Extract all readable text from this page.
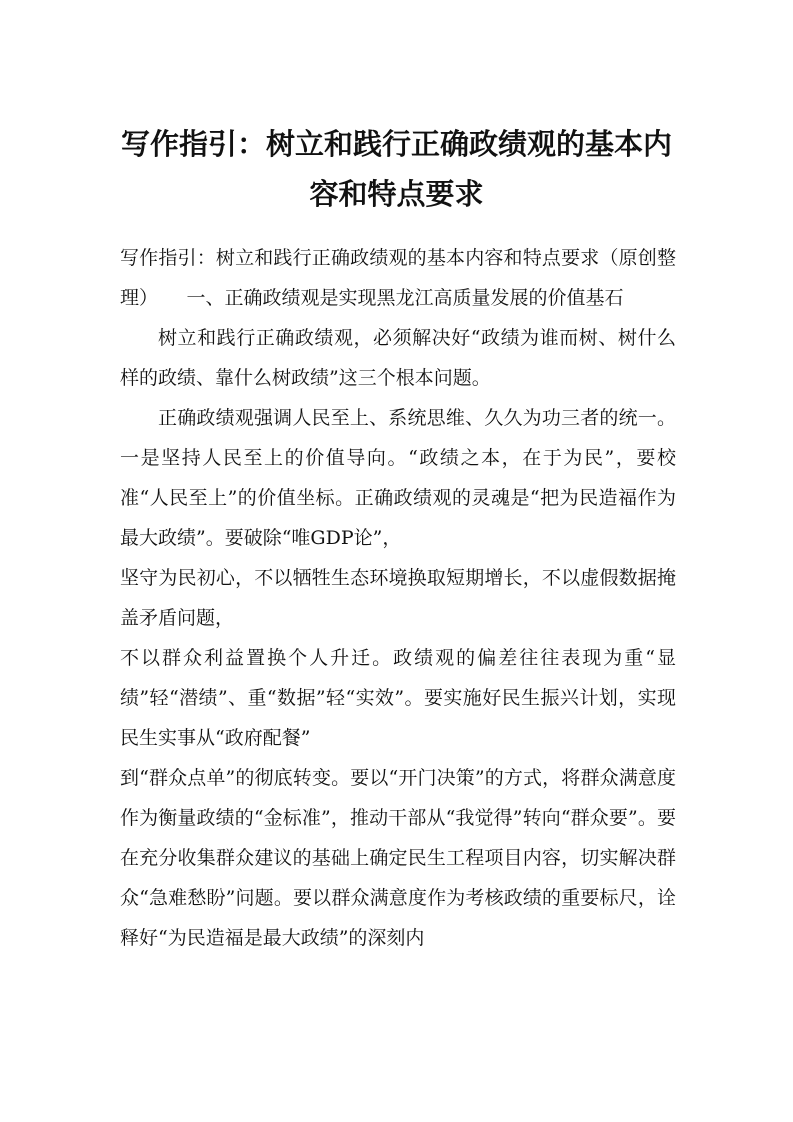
写作指引：树立和践行正确政绩观的基本内
容和特点要求

写作指引：树立和践行正确政绩观的基本内容和特点要求（原创整理）　　一、正确政绩观是实现黑龙江高质量发展的价值基石

树立和践行正确政绩观，必须解决好“政绩为谁而树、树什么样的政绩、靠什么树政绩”这三个根本问题。

正确政绩观强调人民至上、系统思维、久久为功三者的统一。一是坚持人民至上的价值导向。“政绩之本，在于为民”，要校准“人民至上”的价值坐标。正确政绩观的灵魂是“把为民造福作为最大政绩”。要破除“唯GDP论”，

坚守为民初心，不以牺牲生态环境换取短期增长，不以虚假数据掩盖矛盾问题，

不以群众利益置换个人升迁。政绩观的偏差往往表现为重“显绩”轻“潜绩”、重“数据”轻“实效”。要实施好民生振兴计划，实现民生实事从“政府配餐”

到“群众点单”的彻底转变。要以“开门决策”的方式，将群众满意度作为衡量政绩的“金标准”，推动干部从“我觉得”转向“群众要”。要在充分收集群众建议的基础上确定民生工程项目内容，切实解决群众“急难愁盼”问题。要以群众满意度作为考核政绩的重要标尺，诠释好“为民造福是最大政绩”的深刻内
